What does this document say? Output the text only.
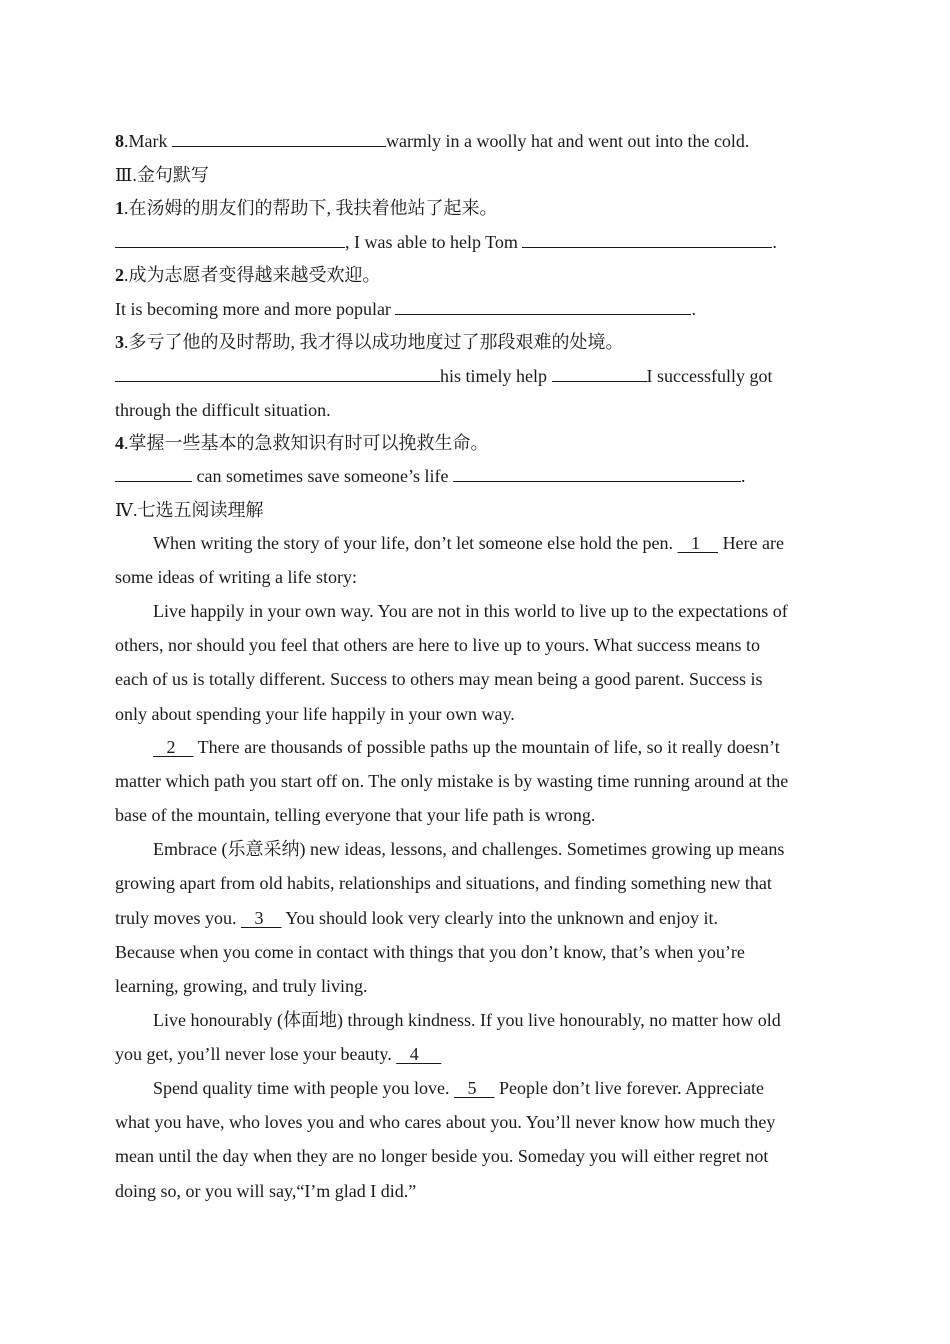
8.Mark	warmly in a woolly hat and went out into the cold.
Ⅲ.金句默写
1.在汤姆的朋友们的帮助下, 我扶着他站了起来。
, I was able to help Tom	.
2.成为志愿者变得越来越受欢迎。
It is becoming more and more popular	.
3.多亏了他的及时帮助, 我才得以成功地度过了那段艰难的处境。
his timely help	I successfully got
through the difficult situation.
4.掌握一些基本的急救知识有时可以挽救生命。
can sometimes save someone’s life	.
Ⅳ.七选五阅读理解
When writing the story of your life, don’t let someone else hold the pen.    1     Here are
some ideas of writing a life story:
Live happily in your own way. You are not in this world to live up to the expectations of
others, nor should you feel that others are here to live up to yours. What success means to
each of us is totally different. Success to others may mean being a good parent. Success is
only about spending your life happily in your own way.
2     There are thousands of possible paths up the mountain of life, so it really doesn’t
matter which path you start off on. The only mistake is by wasting time running around at the
base of the mountain, telling everyone that your life path is wrong.
Embrace (乐意采纳) new ideas, lessons, and challenges. Sometimes growing up means
growing apart from old habits, relationships and situations, and finding something new that
truly moves you.    3     You should look very clearly into the unknown and enjoy it.
Because when you come in contact with things that you don’t know, that’s when you’re
learning, growing, and truly living.
Live honourably (体面地) through kindness. If you live honourably, no matter how old
you get, you’ll never lose your beauty.    4
Spend quality time with people you love.    5     People don’t live forever. Appreciate
what you have, who loves you and who cares about you. You’ll never know how much they
mean until the day when they are no longer beside you. Someday you will either regret not
doing so, or you will say,“I’m glad I did.”
